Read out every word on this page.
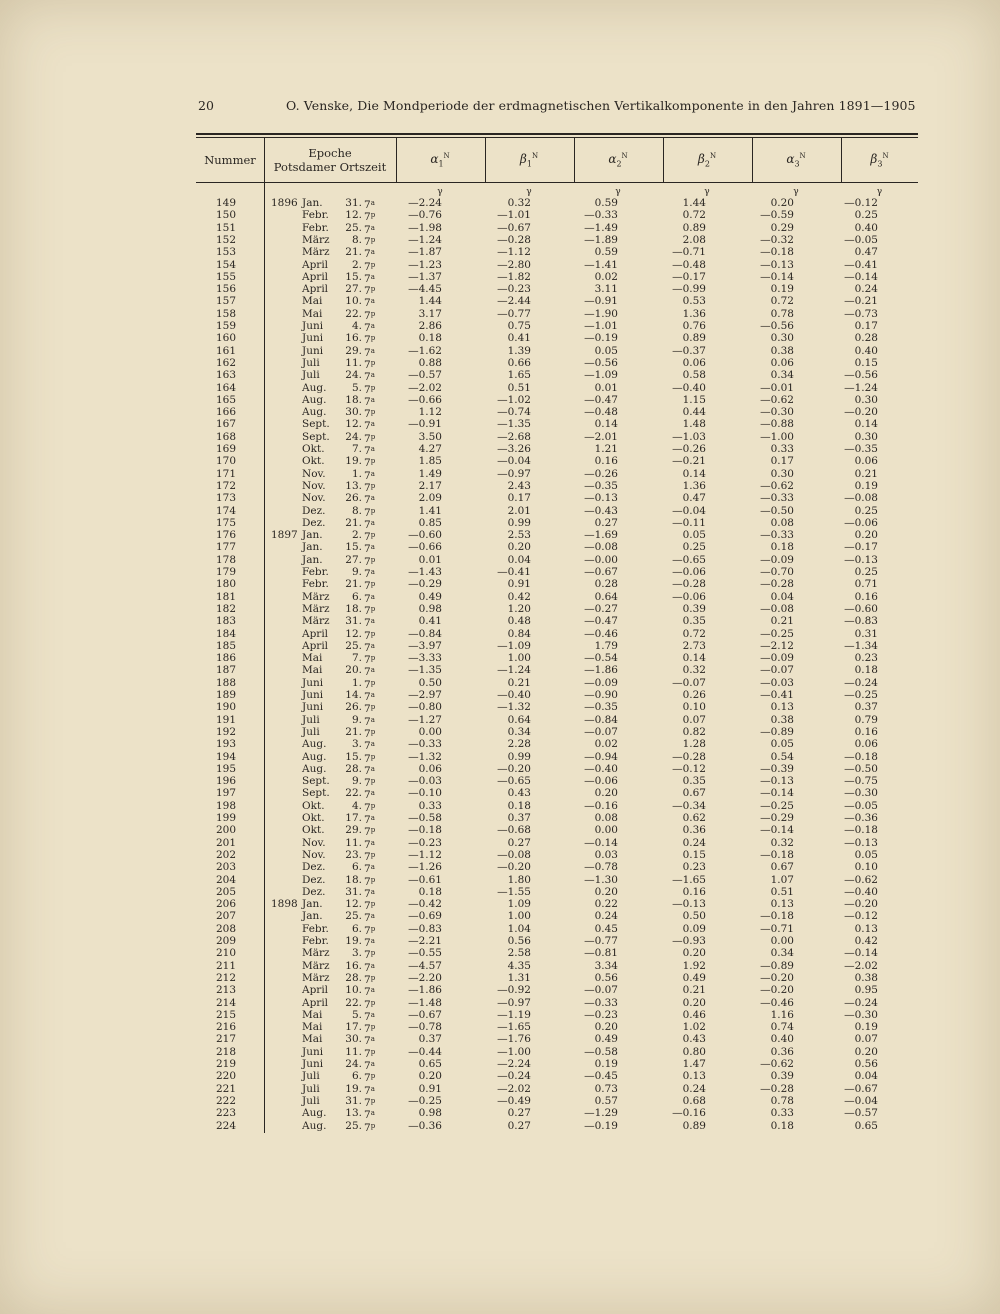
20	O. Venske, Die Mondperiode der erdmagnetischen Vertikalkomponente in den Jahren 1891—1905
Nummer	Epoche
Potsdamer Ortszeit
$\alpha_1^N$	$\beta_1^N$	$\alpha_2^N$	$\beta_2^N$	$\alpha_3^N$	$\beta_3^N$
γ	γ	γ	γ	γ	γ
149	1896 Jan.	31. 7$^a$	—2.24	0.32	0.59	1.44	0.20	—0.12
150	Febr.	12. 7$^p$	—0.76	—1.01	—0.33	0.72	—0.59	0.25
151	Febr.	25. 7$^a$	—1.98	—0.67	—1.49	0.89	0.29	0.40
152	März	8. 7$^p$	—1.24	—0.28	—1.89	2.08	—0.32	—0.05
153	März	21. 7$^a$	—1.87	—1.12	0.59	—0.71	—0.18	0.47
154	April	2. 7$^p$	—1.23	—2.80	—1.41	—0.48	—0.13	—0.41
155	April	15. 7$^a$	—1.37	—1.82	0.02	—0.17	—0.14	—0.14
156	April	27. 7$^p$	—4.45	—0.23	3.11	—0.99	0.19	0.24
157	Mai	10. 7$^a$	1.44	—2.44	—0.91	0.53	0.72	—0.21
158	Mai	22. 7$^p$	3.17	—0.77	—1.90	1.36	0.78	—0.73
159	Juni	4. 7$^a$	2.86	0.75	—1.01	0.76	—0.56	0.17
160	Juni	16. 7$^p$	0.18	0.41	—0.19	0.89	0.30	0.28
161	Juni	29. 7$^a$	—1.62	1.39	0.05	—0.37	0.38	0.40
162	Juli	11. 7$^p$	0.88	0.66	—0.56	0.06	0.06	0.15
163	Juli	24. 7$^a$	—0.57	1.65	—1.09	0.58	0.34	—0.56
164	Aug.	5. 7$^p$	—2.02	0.51	0.01	—0.40	—0.01	—1.24
165	Aug.	18. 7$^a$	—0.66	—1.02	—0.47	1.15	—0.62	0.30
166	Aug.	30. 7$^p$	1.12	—0.74	—0.48	0.44	—0.30	—0.20
167	Sept.	12. 7$^a$	—0.91	—1.35	0.14	1.48	—0.88	0.14
168	Sept.	24. 7$^p$	3.50	—2.68	—2.01	—1.03	—1.00	0.30
169	Okt.	7. 7$^a$	4.27	—3.26	1.21	—0.26	0.33	—0.35
170	Okt.	19. 7$^p$	1.85	—0.04	0.16	—0.21	0.17	0.06
171	Nov.	1. 7$^a$	1.49	—0.97	—0.26	0.14	0.30	0.21
172	Nov.	13. 7$^p$	2.17	2.43	—0.35	1.36	—0.62	0.19
173	Nov.	26. 7$^a$	2.09	0.17	—0.13	0.47	—0.33	—0.08
174	Dez.	8. 7$^p$	1.41	2.01	—0.43	—0.04	—0.50	0.25
175	Dez.	21. 7$^a$	0.85	0.99	0.27	—0.11	0.08	—0.06
176	1897 Jan.	2. 7$^p$	—0.60	2.53	—1.69	0.05	—0.33	0.20
177	Jan.	15. 7$^a$	—0.66	0.20	—0.08	0.25	0.18	—0.17
178	Jan.	27. 7$^p$	0.01	0.04	—0.00	—0.65	—0.09	—0.13
179	Febr.	9. 7$^a$	—1.43	—0.41	—0.67	—0.06	—0.70	0.25
180	Febr.	21. 7$^p$	—0.29	0.91	0.28	—0.28	—0.28	0.71
181	März	6. 7$^a$	0.49	0.42	0.64	—0.06	0.04	0.16
182	März	18. 7$^p$	0.98	1.20	—0.27	0.39	—0.08	—0.60
183	März	31. 7$^a$	0.41	0.48	—0.47	0.35	0.21	—0.83
184	April	12. 7$^p$	—0.84	0.84	—0.46	0.72	—0.25	0.31
185	April	25. 7$^a$	—3.97	—1.09	1.79	2.73	—2.12	—1.34
186	Mai	7. 7$^p$	—3.33	1.00	—0.54	0.14	—0.09	0.23
187	Mai	20. 7$^a$	—1.35	—1.24	—1.86	0.32	—0.07	0.18
188	Juni	1. 7$^p$	0.50	0.21	—0.09	—0.07	—0.03	—0.24
189	Juni	14. 7$^a$	—2.97	—0.40	—0.90	0.26	—0.41	—0.25
190	Juni	26. 7$^p$	—0.80	—1.32	—0.35	0.10	0.13	0.37
191	Juli	9. 7$^a$	—1.27	0.64	—0.84	0.07	0.38	0.79
192	Juli	21. 7$^p$	0.00	0.34	—0.07	0.82	—0.89	0.16
193	Aug.	3. 7$^a$	—0.33	2.28	0.02	1.28	0.05	0.06
194	Aug.	15. 7$^p$	—1.32	0.99	—0.94	—0.28	0.54	—0.18
195	Aug.	28. 7$^a$	0.06	—0.20	—0.40	—0.12	—0.39	—0.50
196	Sept.	9. 7$^p$	—0.03	—0.65	—0.06	0.35	—0.13	—0.75
197	Sept.	22. 7$^a$	—0.10	0.43	0.20	0.67	—0.14	—0.30
198	Okt.	4. 7$^p$	0.33	0.18	—0.16	—0.34	—0.25	—0.05
199	Okt.	17. 7$^a$	—0.58	0.37	0.08	0.62	—0.29	—0.36
200	Okt.	29. 7$^p$	—0.18	—0.68	0.00	0.36	—0.14	—0.18
201	Nov.	11. 7$^a$	—0.23	0.27	—0.14	0.24	0.32	—0.13
202	Nov.	23. 7$^p$	—1.12	—0.08	0.03	0.15	—0.18	0.05
203	Dez.	6. 7$^a$	—1.26	—0.20	—0.78	0.23	0.67	0.10
204	Dez.	18. 7$^p$	—0.61	1.80	—1.30	—1.65	1.07	—0.62
205	Dez.	31. 7$^a$	0.18	—1.55	0.20	0.16	0.51	—0.40
206	1898 Jan.	12. 7$^p$	—0.42	1.09	0.22	—0.13	0.13	—0.20
207	Jan.	25. 7$^a$	—0.69	1.00	0.24	0.50	—0.18	—0.12
208	Febr.	6. 7$^p$	—0.83	1.04	0.45	0.09	—0.71	0.13
209	Febr.	19. 7$^a$	—2.21	0.56	—0.77	—0.93	0.00	0.42
210	März	3. 7$^p$	—0.55	2.58	—0.81	0.20	0.34	—0.14
211	März	16. 7$^a$	—4.57	4.35	3.34	1.92	—0.89	—2.02
212	März	28. 7$^p$	—2.20	1.31	0.56	0.49	—0.20	0.38
213	April	10. 7$^a$	—1.86	—0.92	—0.07	0.21	—0.20	0.95
214	April	22. 7$^p$	—1.48	—0.97	—0.33	0.20	—0.46	—0.24
215	Mai	5. 7$^a$	—0.67	—1.19	—0.23	0.46	1.16	—0.30
216	Mai	17. 7$^p$	—0.78	—1.65	0.20	1.02	0.74	0.19
217	Mai	30. 7$^a$	0.37	—1.76	0.49	0.43	0.40	0.07
218	Juni	11. 7$^p$	—0.44	—1.00	—0.58	0.80	0.36	0.20
219	Juni	24. 7$^a$	0.65	—2.24	0.19	1.47	—0.62	0.56
220	Juli	6. 7$^p$	0.20	—0.24	—0.45	0.13	0.39	0.04
221	Juli	19. 7$^a$	0.91	—2.02	0.73	0.24	—0.28	—0.67
222	Juli	31. 7$^p$	—0.25	—0.49	0.57	0.68	0.78	—0.04
223	Aug.	13. 7$^a$	0.98	0.27	—1.29	—0.16	0.33	—0.57
224	Aug.	25. 7$^p$	—0.36	0.27	—0.19	0.89	0.18	0.65
